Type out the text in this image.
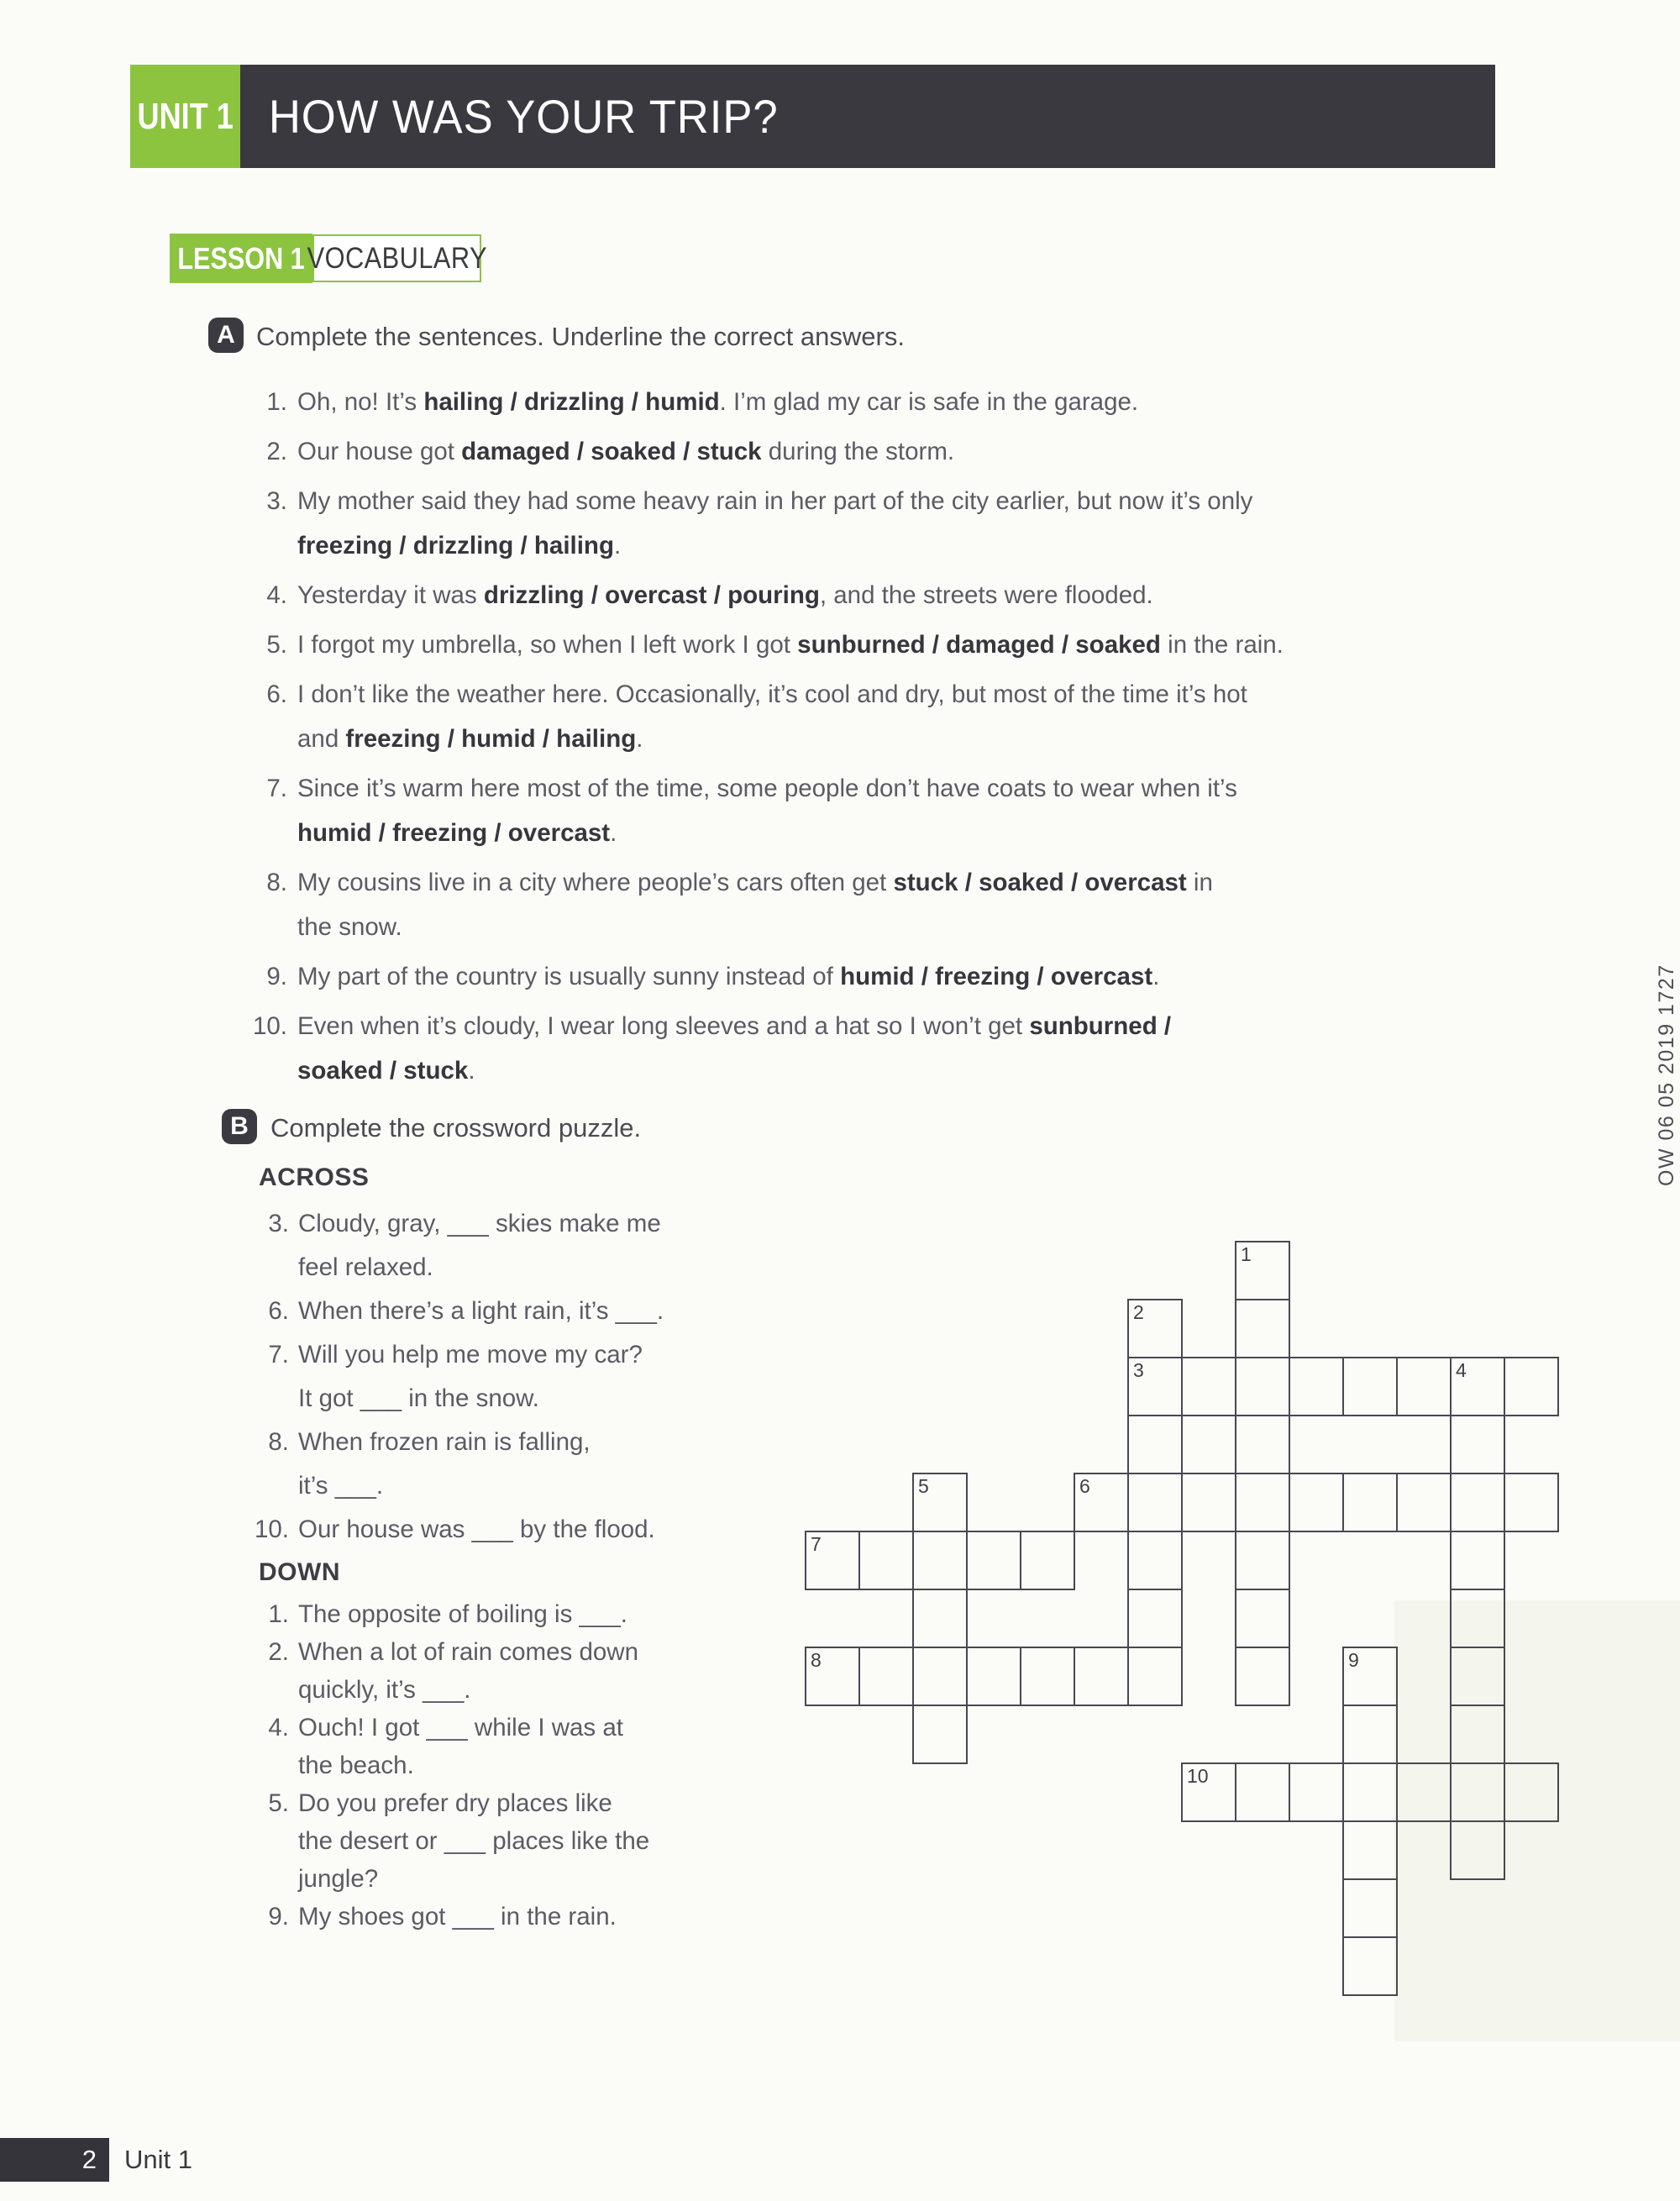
UNIT 1 HOW WAS YOUR TRIP?
LESSON 1 VOCABULARY
A Complete the sentences. Underline the correct answers.
1. Oh, no! It’s hailing / drizzling / humid. I’m glad my car is safe in the garage.
2. Our house got damaged / soaked / stuck during the storm.
3. My mother said they had some heavy rain in her part of the city earlier, but now it’s only
freezing / drizzling / hailing.
4. Yesterday it was drizzling / overcast / pouring, and the streets were flooded.
5. I forgot my umbrella, so when I left work I got sunburned / damaged / soaked in the rain.
6. I don’t like the weather here. Occasionally, it’s cool and dry, but most of the time it’s hot
and freezing / humid / hailing.
7. Since it’s warm here most of the time, some people don’t have coats to wear when it’s
humid / freezing / overcast.
8. My cousins live in a city where people’s cars often get stuck / soaked / overcast in
the snow.
9. My part of the country is usually sunny instead of humid / freezing / overcast.
10. Even when it’s cloudy, I wear long sleeves and a hat so I won’t get sunburned /
soaked / stuck.
B Complete the crossword puzzle.
ACROSS
3. Cloudy, gray, ___ skies make me
feel relaxed.
6. When there’s a light rain, it’s ___.
7. Will you help me move my car?
It got ___ in the snow.
8. When frozen rain is falling,
it’s ___.
10. Our house was ___ by the flood.
DOWN
1. The opposite of boiling is ___.
2. When a lot of rain comes down
quickly, it’s ___.
4. Ouch! I got ___ while I was at
the beach.
5. Do you prefer dry places like
the desert or ___ places like the
jungle?
9. My shoes got ___ in the rain.
1
2
3	4
5	6
7
8	9
10
OW 06 05 2019 1727
2	Unit 1
